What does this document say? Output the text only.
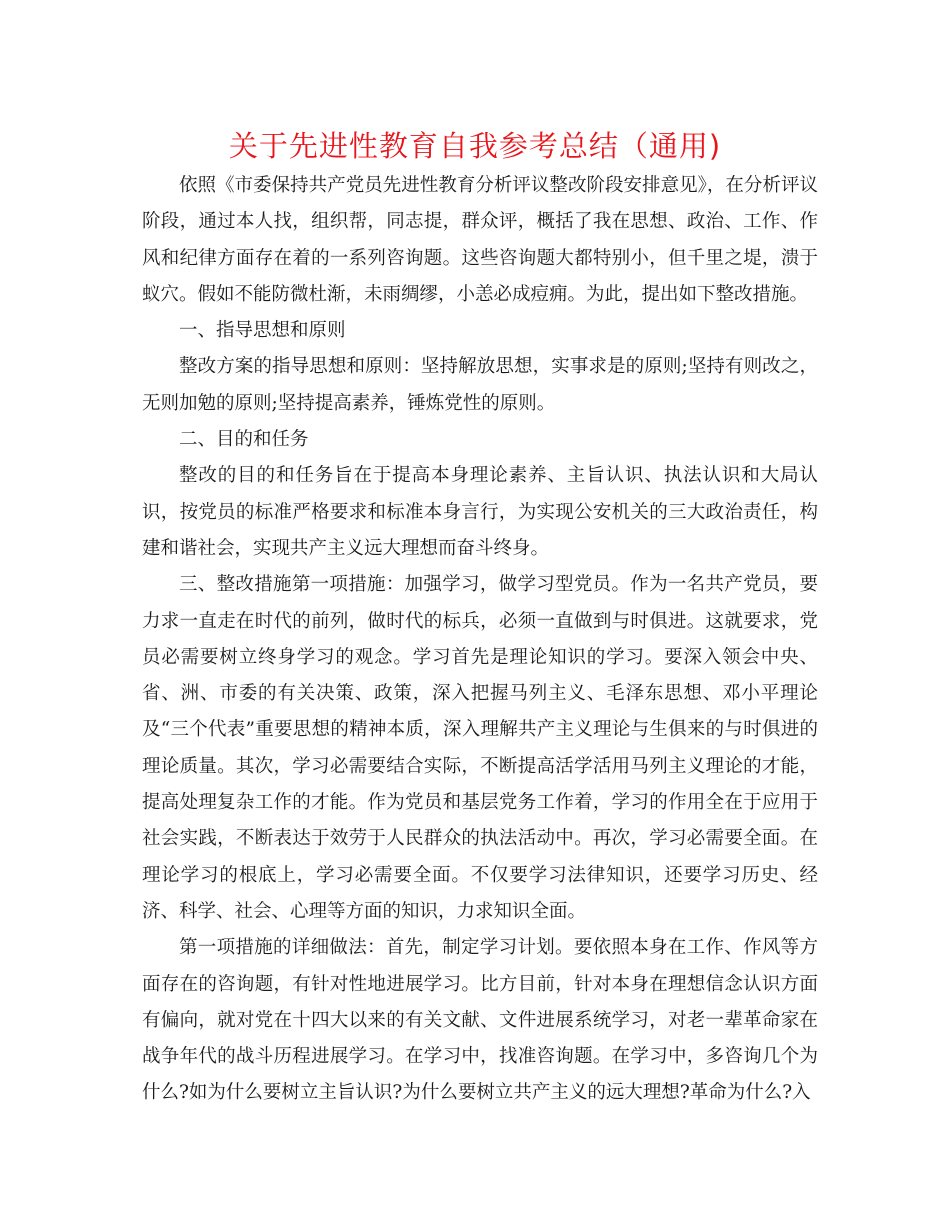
关于先进性教育自我参考总结（通用)

依照《市委保持共产党员先进性教育分析评议整改阶段安排意见》，在分析评议阶段，通过本人找，组织帮，同志提，群众评，概括了我在思想、政治、工作、作风和纪律方面存在着的一系列咨询题。这些咨询题大都特别小，但千里之堤，溃于蚁穴。假如不能防微杜渐，未雨绸缪，小恙必成痘痈。为此，提出如下整改措施。

一、指导思想和原则

整改方案的指导思想和原则：坚持解放思想，实事求是的原则;坚持有则改之，无则加勉的原则;坚持提高素养，锤炼党性的原则。

二、目的和任务

整改的目的和任务旨在于提高本身理论素养、主旨认识、执法认识和大局认识，按党员的标准严格要求和标准本身言行，为实现公安机关的三大政治责任，构建和谐社会，实现共产主义远大理想而奋斗终身。

三、整改措施第一项措施：加强学习，做学习型党员。作为一名共产党员，要力求一直走在时代的前列，做时代的标兵，必须一直做到与时俱进。这就要求，党员必需要树立终身学习的观念。学习首先是理论知识的学习。要深入领会中央、省、洲、市委的有关决策、政策，深入把握马列主义、毛泽东思想、邓小平理论及“三个代表”重要思想的精神本质，深入理解共产主义理论与生俱来的与时俱进的理论质量。其次，学习必需要结合实际，不断提高活学活用马列主义理论的才能，提高处理复杂工作的才能。作为党员和基层党务工作着，学习的作用全在于应用于社会实践，不断表达于效劳于人民群众的执法活动中。再次，学习必需要全面。在理论学习的根底上，学习必需要全面。不仅要学习法律知识，还要学习历史、经济、科学、社会、心理等方面的知识，力求知识全面。

第一项措施的详细做法：首先，制定学习计划。要依照本身在工作、作风等方面存在的咨询题，有针对性地进展学习。比方目前，针对本身在理想信念认识方面有偏向，就对党在十四大以来的有关文献、文件进展系统学习，对老一辈革命家在战争年代的战斗历程进展学习。在学习中，找准咨询题。在学习中，多咨询几个为什么?如为什么要树立主旨认识?为什么要树立共产主义的远大理想?革命为什么?入
